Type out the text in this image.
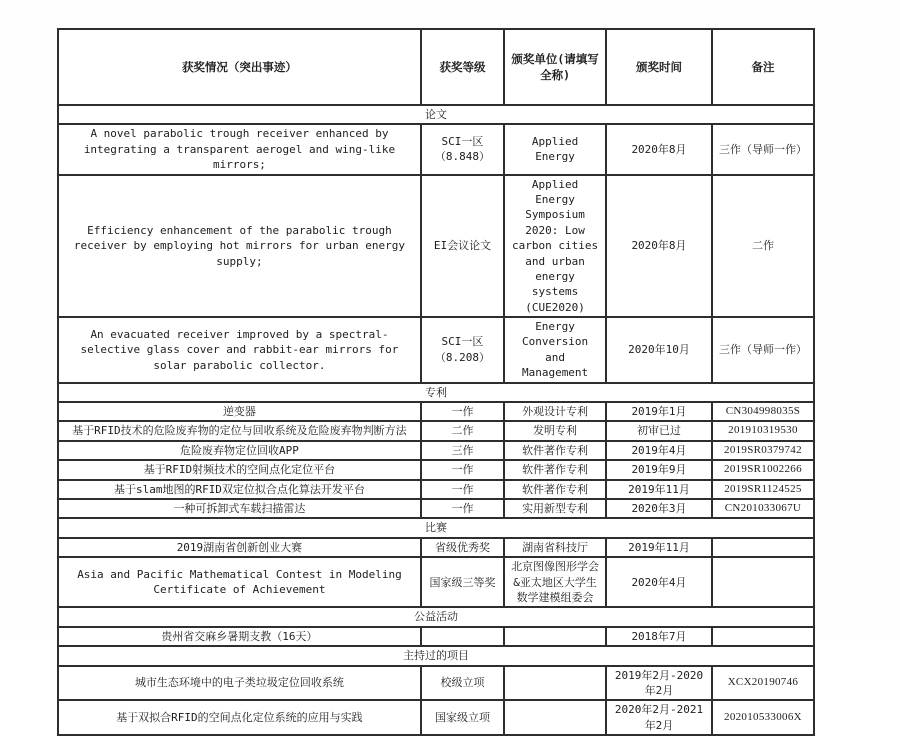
获奖情况（突出事迹）	获奖等级	颁奖单位(请填写全称)	颁奖时间	备注
论文				
A novel parabolic trough receiver enhanced by integrating a transparent aerogel and wing-like mirrors;	SCI一区 （8.848）	Applied Energy	2020年8月	三作（导师一作）
Efficiency enhancement of the parabolic trough receiver by employing hot mirrors for urban energy supply;	EI会议论文	Applied Energy Symposium 2020: Low carbon cities and urban energy systems (CUE2020)	2020年8月	二作
An evacuated receiver improved by a spectral-selective glass cover and rabbit-ear mirrors for solar parabolic collector.	SCI一区 （8.208）	Energy Conversion and Management	2020年10月	三作（导师一作）
专利				
逆变器	一作	外观设计专利	2019年1月	CN304998035S
基于RFID技术的危险废弃物的定位与回收系统及危险废弃物判断方法	二作	发明专利	初审已过	201910319530
危险废弃物定位回收APP	三作	软件著作专利	2019年4月	2019SR0379742
基于RFID射频技术的空间点化定位平台	一作	软件著作专利	2019年9月	2019SR1002266
基于slam地图的RFID双定位拟合点化算法开发平台	一作	软件著作专利	2019年11月	2019SR1124525
一种可拆卸式车载扫描雷达	一作	实用新型专利	2020年3月	CN201033067U
比赛				
2019湖南省创新创业大赛	省级优秀奖	湖南省科技厅	2019年11月	
Asia and Pacific Mathematical Contest in Modeling Certificate of Achievement	国家级三等奖	北京图像图形学会&亚太地区大学生数学建模组委会	2020年4月	
公益活动				
贵州省交麻乡暑期支教（16天）			2018年7月	
主持过的项目				
城市生态环境中的电子类垃圾定位回收系统	校级立项		2019年2月-2020年2月	XCX20190746
基于双拟合RFID的空间点化定位系统的应用与实践	国家级立项		2020年2月-2021年2月	202010533006X
